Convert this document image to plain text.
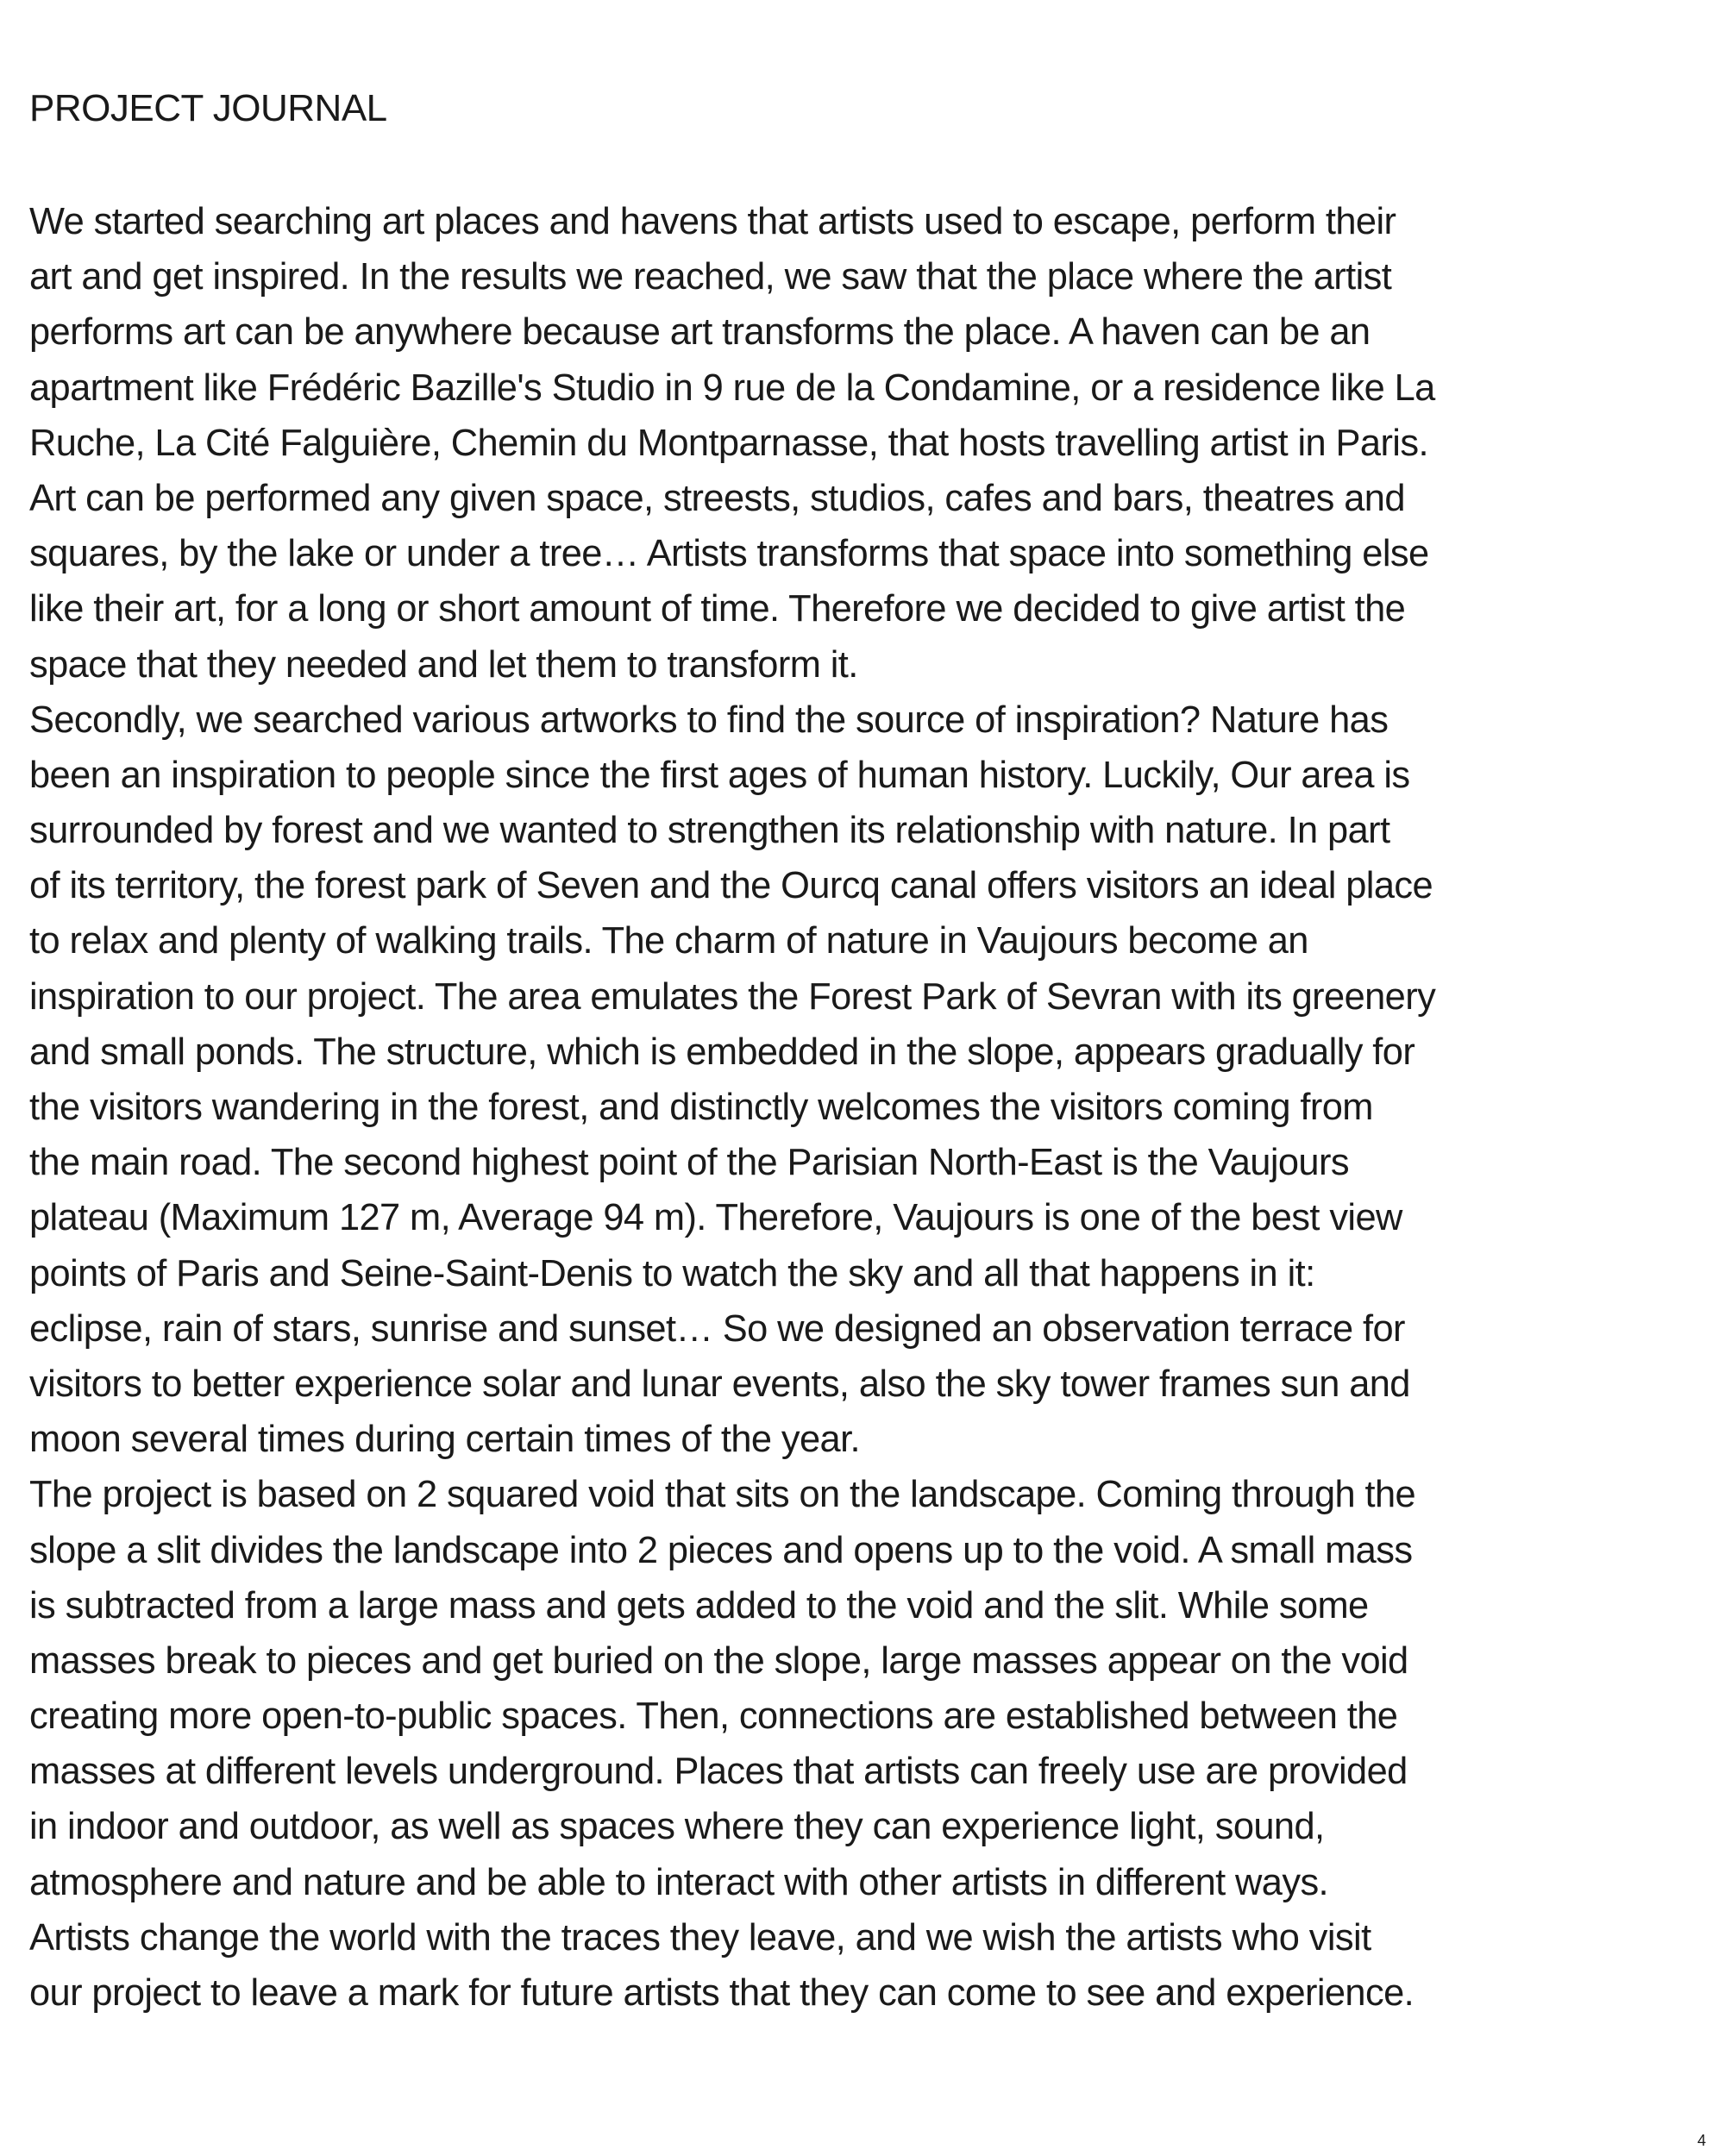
PROJECT JOURNAL
We started searching art places and havens that artists used to escape, perform their
art and get inspired. In the results we reached, we saw that the place where the artist
performs art can be anywhere because art transforms the place. A haven can be an
apartment like Frédéric Bazille's Studio in 9 rue de la Condamine, or a residence like La
Ruche, La Cité Falguière, Chemin du Montparnasse, that hosts travelling artist in Paris.
Art can be performed any given space, streests, studios, cafes and bars, theatres and
squares, by the lake or under a tree… Artists transforms that space into something else
like their art, for a long or short amount of time. Therefore we decided to give artist the
space that they needed and let them to transform it.
Secondly, we searched various artworks to find the source of inspiration? Nature has
been an inspiration to people since the first ages of human history. Luckily, Our area is
surrounded by forest and we wanted to strengthen its relationship with nature. In part
of its territory, the forest park of Seven and the Ourcq canal offers visitors an ideal place
to relax and plenty of walking trails. The charm of nature in Vaujours become an
inspiration to our project. The area emulates the Forest Park of Sevran with its greenery
and small ponds. The structure, which is embedded in the slope, appears gradually for
the visitors wandering in the forest, and distinctly welcomes the visitors coming from
the main road. The second highest point of the Parisian North-East is the Vaujours
plateau (Maximum 127 m, Average 94 m). Therefore, Vaujours is one of the best view
points of Paris and Seine-Saint-Denis to watch the sky and all that happens in it:
eclipse, rain of stars, sunrise and sunset… So we designed an observation terrace for
visitors to better experience solar and lunar events, also the sky tower frames sun and
moon several times during certain times of the year.
The project is based on 2 squared void that sits on the landscape. Coming through the
slope a slit divides the landscape into 2 pieces and opens up to the void. A small mass
is subtracted from a large mass and gets added to the void and the slit. While some
masses break to pieces and get buried on the slope, large masses appear on the void
creating more open-to-public spaces. Then, connections are established between the
masses at different levels underground. Places that artists can freely use are provided
in indoor and outdoor, as well as spaces where they can experience light, sound,
atmosphere and nature and be able to interact with other artists in different ways.
Artists change the world with the traces they leave, and we wish the artists who visit
our project to leave a mark for future artists that they can come to see and experience.
4
